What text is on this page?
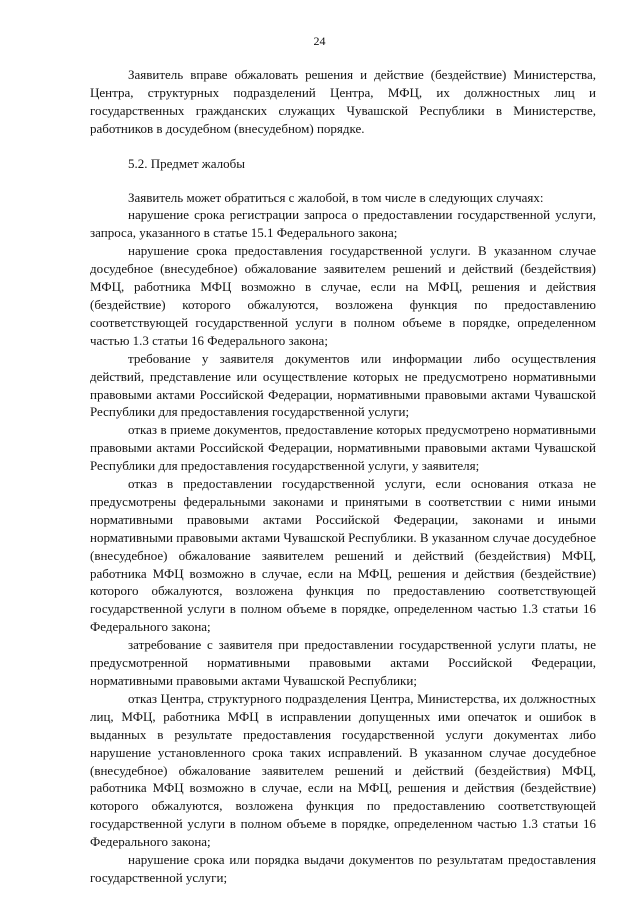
24

Заявитель вправе обжаловать решения и действие (бездействие) Министерства, Центра, структурных подразделений Центра, МФЦ, их должностных лиц и государственных гражданских служащих Чувашской Республики в Министерстве, работников в досудебном (внесудебном) порядке.

5.2. Предмет жалобы

Заявитель может обратиться с жалобой, в том числе в следующих случаях:

нарушение срока регистрации запроса о предоставлении государственной услуги, запроса, указанного в статье 15.1 Федерального закона;

нарушение срока предоставления государственной услуги. В указанном случае досудебное (внесудебное) обжалование заявителем решений и действий (бездействия) МФЦ, работника МФЦ возможно в случае, если на МФЦ, решения и действия (бездействие) которого обжалуются, возложена функция по предоставлению соответствующей государственной услуги в полном объеме в порядке, определенном частью 1.3 статьи 16 Федерального закона;

требование у заявителя документов или информации либо осуществления действий, представление или осуществление которых не предусмотрено нормативными правовыми актами Российской Федерации, нормативными правовыми актами Чувашской Республики для предоставления государственной услуги;

отказ в приеме документов, предоставление которых предусмотрено нормативными правовыми актами Российской Федерации, нормативными правовыми актами Чувашской Республики для предоставления государственной услуги, у заявителя;

отказ в предоставлении государственной услуги, если основания отказа не предусмотрены федеральными законами и принятыми в соответствии с ними иными нормативными правовыми актами Российской Федерации, законами и иными нормативными правовыми актами Чувашской Республики. В указанном случае досудебное (внесудебное) обжалование заявителем решений и действий (бездействия) МФЦ, работника МФЦ возможно в случае, если на МФЦ, решения и действия (бездействие) которого обжалуются, возложена функция по предоставлению соответствующей государственной услуги в полном объеме в порядке, определенном частью 1.3 статьи 16 Федерального закона;

затребование с заявителя при предоставлении государственной услуги платы, не предусмотренной нормативными правовыми актами Российской Федерации, нормативными правовыми актами Чувашской Республики;

отказ Центра, структурного подразделения Центра, Министерства, их должностных лиц, МФЦ, работника МФЦ в исправлении допущенных ими опечаток и ошибок в выданных в результате предоставления государственной услуги документах либо нарушение установленного срока таких исправлений. В указанном случае досудебное (внесудебное) обжалование заявителем решений и действий (бездействия) МФЦ, работника МФЦ возможно в случае, если на МФЦ, решения и действия (бездействие) которого обжалуются, возложена функция по предоставлению соответствующей государственной услуги в полном объеме в порядке, определенном частью 1.3 статьи 16 Федерального закона;

нарушение срока или порядка выдачи документов по результатам предоставления государственной услуги;
